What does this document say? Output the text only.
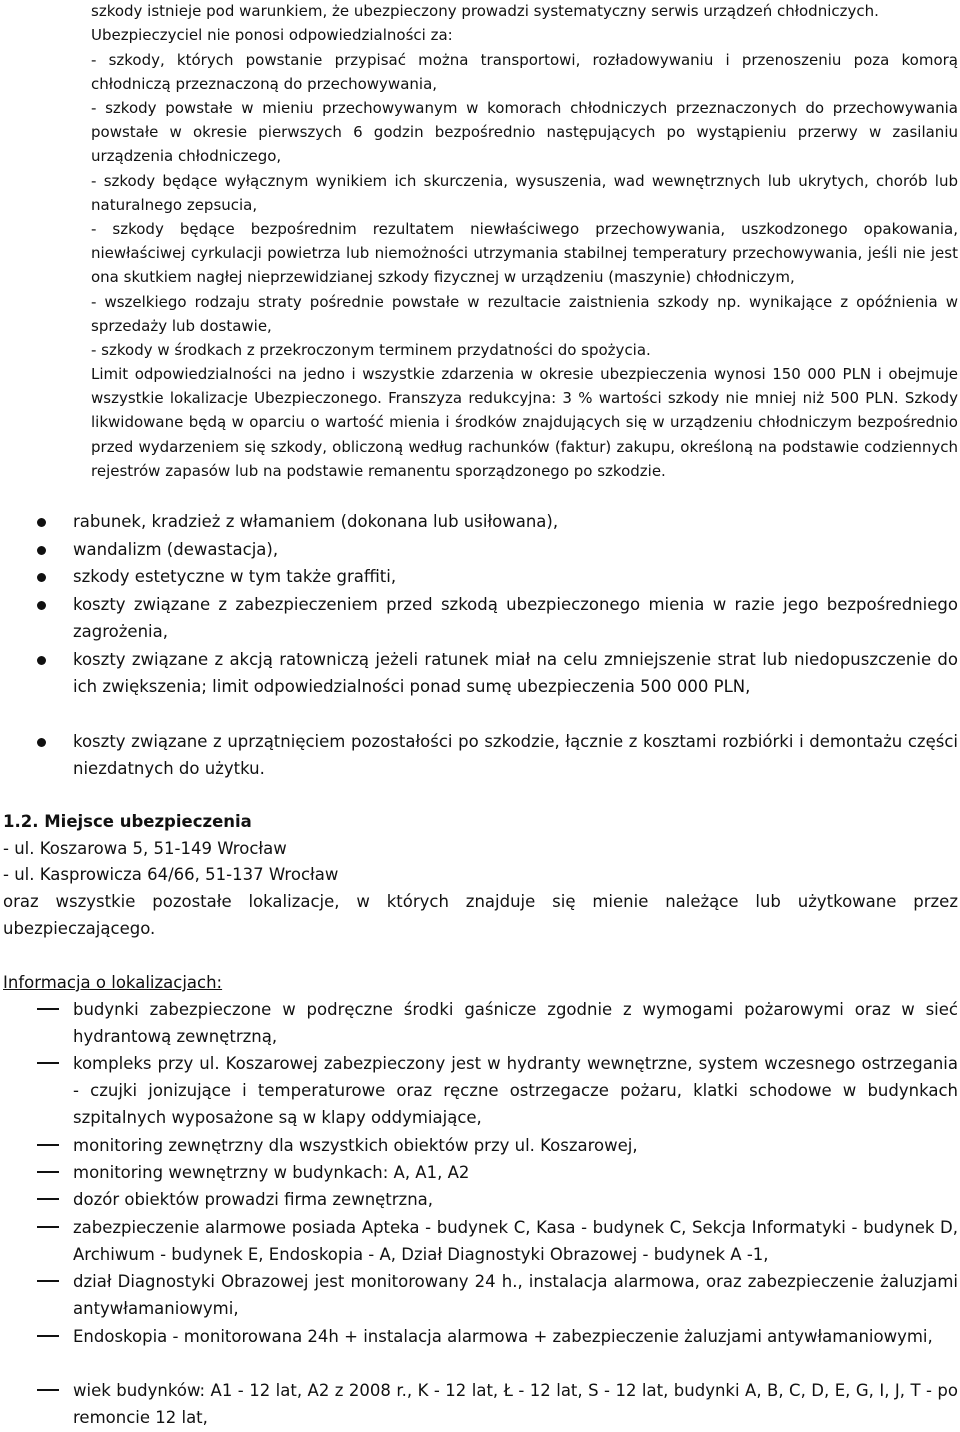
szkody istnieje pod warunkiem, że ubezpieczony prowadzi systematyczny serwis urządzeń chłodniczych.

Ubezpieczyciel nie ponosi odpowiedzialności za:

- szkody, których powstanie przypisać można transportowi, rozładowywaniu i przenoszeniu poza komorą chłodniczą przeznaczoną do przechowywania,

- szkody powstałe w mieniu przechowywanym w komorach chłodniczych przeznaczonych do przechowywania powstałe w okresie pierwszych 6 godzin bezpośrednio następujących po wystąpieniu przerwy w zasilaniu urządzenia chłodniczego,

- szkody będące wyłącznym wynikiem ich skurczenia, wysuszenia, wad wewnętrznych lub ukrytych, chorób lub naturalnego zepsucia,

- szkody będące bezpośrednim rezultatem niewłaściwego przechowywania, uszkodzonego opakowania, niewłaściwej cyrkulacji powietrza lub niemożności utrzymania stabilnej temperatury przechowywania, jeśli nie jest ona skutkiem nagłej nieprzewidzianej szkody fizycznej w urządzeniu (maszynie) chłodniczym,

- wszelkiego rodzaju straty pośrednie powstałe w rezultacie zaistnienia szkody np. wynikające z opóźnienia w sprzedaży lub dostawie,

- szkody w środkach z przekroczonym terminem przydatności do spożycia.

Limit odpowiedzialności na jedno i wszystkie zdarzenia w okresie ubezpieczenia wynosi 150 000 PLN i obejmuje wszystkie lokalizacje Ubezpieczonego. Franszyza redukcyjna: 3 % wartości szkody nie mniej niż 500 PLN. Szkody likwidowane będą w oparciu o wartość mienia i środków znajdujących się w urządzeniu chłodniczym bezpośrednio przed wydarzeniem się szkody, obliczoną według rachunków (faktur) zakupu, określoną na podstawie codziennych rejestrów zapasów lub na podstawie remanentu sporządzonego po szkodzie.

rabunek, kradzież z włamaniem (dokonana lub usiłowana),

wandalizm (dewastacja),

szkody estetyczne w tym także graffiti,

koszty związane z zabezpieczeniem przed szkodą ubezpieczonego mienia w razie jego bezpośredniego zagrożenia,

koszty związane z akcją ratowniczą jeżeli ratunek miał na celu zmniejszenie strat lub niedopuszczenie do ich zwiększenia; limit odpowiedzialności ponad sumę ubezpieczenia 500 000 PLN,

koszty związane z uprzątnięciem pozostałości po szkodzie, łącznie z kosztami rozbiórki i demontażu części niezdatnych do użytku.

1.2. Miejsce ubezpieczenia

- ul. Koszarowa 5, 51-149 Wrocław

- ul. Kasprowicza 64/66, 51-137 Wrocław

oraz wszystkie pozostałe lokalizacje, w których znajduje się mienie należące lub użytkowane przez ubezpieczającego.

Informacja o lokalizacjach:

budynki zabezpieczone w podręczne środki gaśnicze zgodnie z wymogami pożarowymi oraz w sieć hydrantową zewnętrzną,

kompleks przy ul. Koszarowej zabezpieczony jest w hydranty wewnętrzne, system wczesnego ostrzegania - czujki jonizujące i temperaturowe oraz ręczne ostrzegacze pożaru, klatki schodowe w budynkach szpitalnych wyposażone są w klapy oddymiające,

monitoring zewnętrzny dla wszystkich obiektów przy ul. Koszarowej,

monitoring wewnętrzny w budynkach: A, A1, A2

dozór obiektów prowadzi firma zewnętrzna,

zabezpieczenie alarmowe posiada Apteka - budynek C, Kasa - budynek C, Sekcja Informatyki - budynek D, Archiwum - budynek E, Endoskopia - A, Dział Diagnostyki Obrazowej - budynek A -1,

dział Diagnostyki Obrazowej jest monitorowany 24 h., instalacja alarmowa, oraz zabezpieczenie żaluzjami antywłamaniowymi,

Endoskopia - monitorowana 24h + instalacja alarmowa + zabezpieczenie żaluzjami antywłamaniowymi,

wiek budynków: A1 - 12 lat, A2 z 2008 r., K - 12 lat, Ł - 12 lat, S - 12 lat, budynki A, B, C, D, E, G, I, J, T - po remoncie 12 lat,
